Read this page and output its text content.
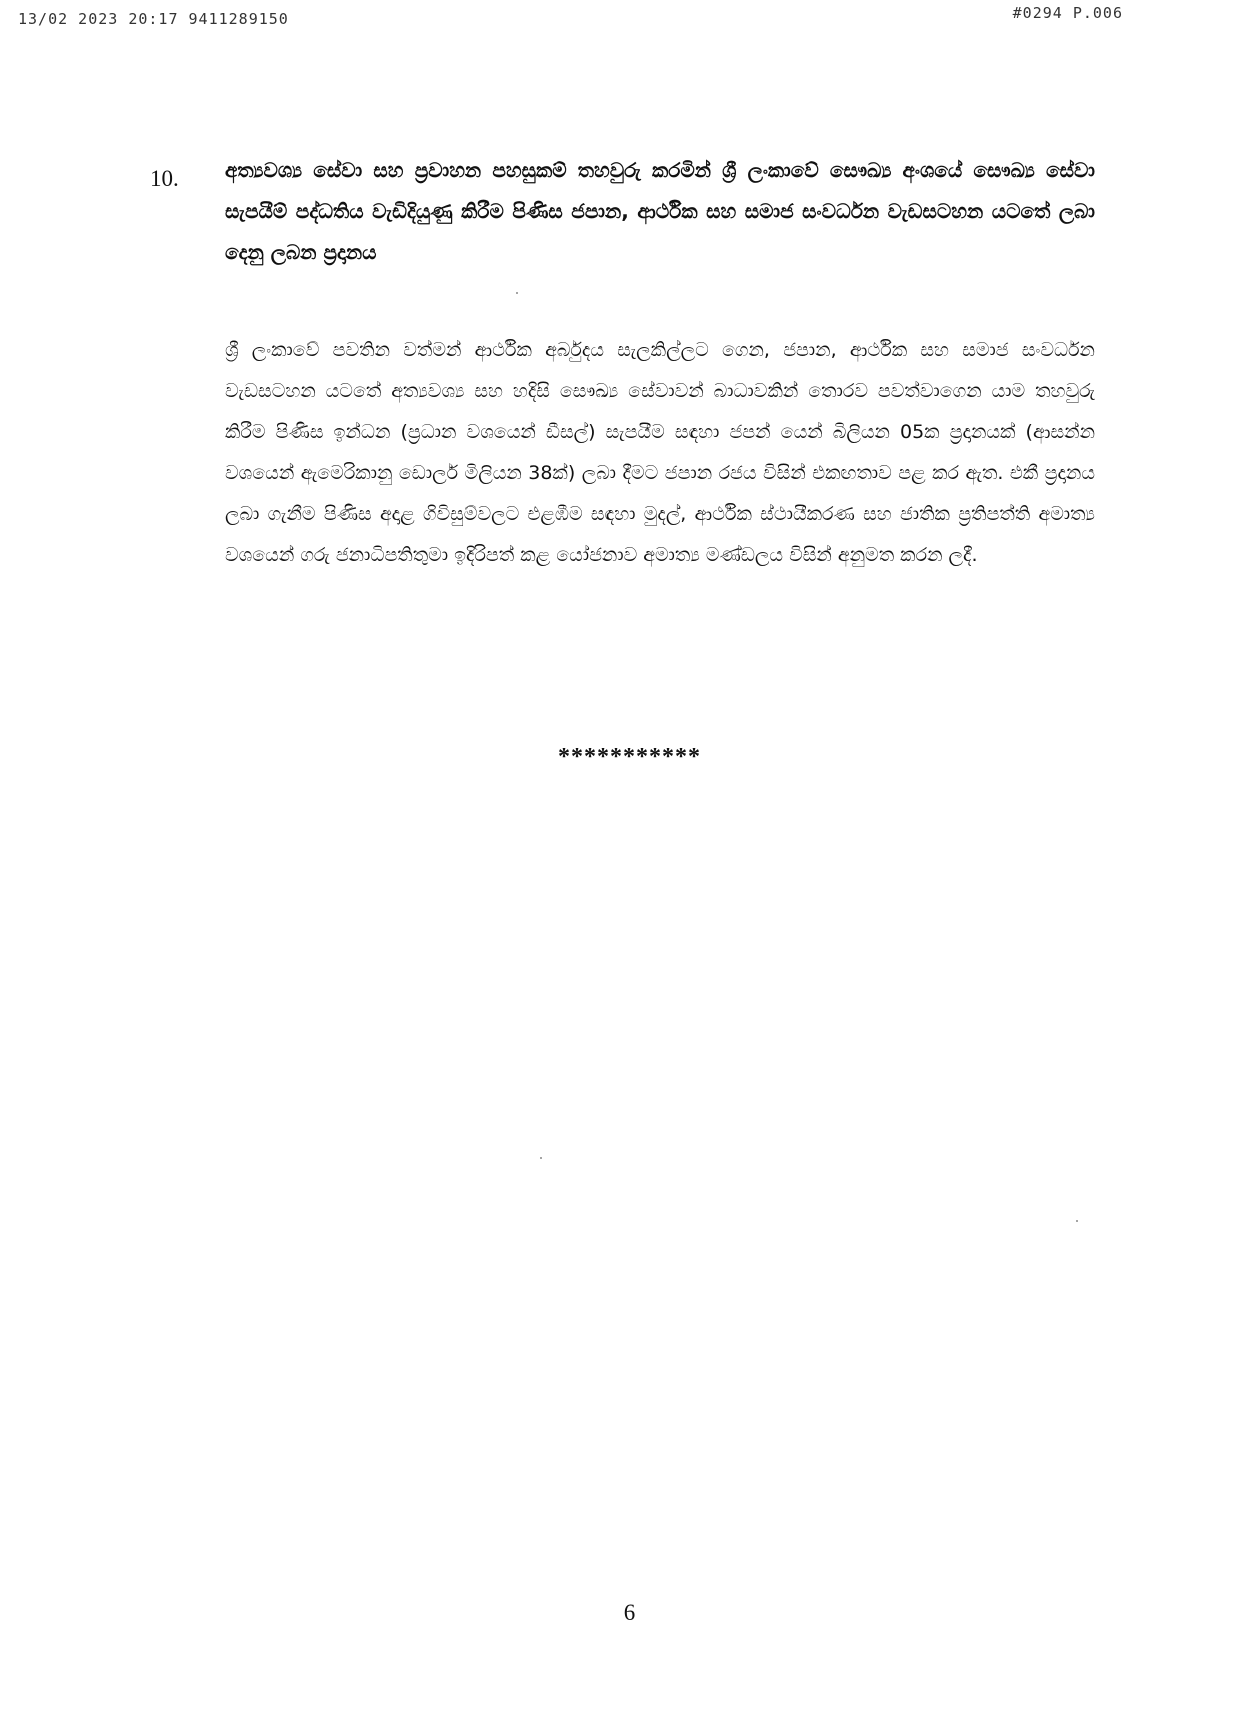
13/02 2023 20:17 9411289150	#0294 P.006
10. අත්‍යවශ්‍ය සේවා සහ ප්‍රවාහන පහසුකම් තහවුරු කරමින් ශ්‍රී ලංකාවේ සෞඛ්‍ය අංශයේ සෞඛ්‍ය සේවා සැපයීම් පද්ධතිය වැඩිදියුණු කිරීම පිණිස ජපාන, ආර්ථික සහ සමාජ සංවර්ධන වැඩසටහන යටතේ ලබා දෙනු ලබන ප්‍රදානය
ශ්‍රී ලංකාවේ පවතින වත්මන් ආර්ථික අර්බුදය සැලකිල්ලට ගෙන, ජපාන, ආර්ථික සහ සමාජ සංවර්ධන වැඩසටහන යටතේ අත්‍යවශ්‍ය සහ හදිසි සෞඛ්‍ය සේවාවන් බාධාවකින් තොරව පවත්වාගෙන යාම තහවුරු කිරීම පිණිස ඉන්ධන (ප්‍රධාන වශයෙන් ඩීසල්) සැපයීම සඳහා ජපන් යෙන් බිලියන 05ක ප්‍රදානයක් (ආසන්න වශයෙන් ඇමෙරිකානු ඩොලර් මිලියන 38ක්) ලබා දීමට ජපාන රජය විසින් එකඟතාව පළ කර ඇත. එකී ප්‍රදානය ලබා ගැනීම පිණිස අදාළ ගිවිසුම්වලට එළඹීම සඳහා මුදල්, ආර්ථික ස්ථායීකරණ සහ ජාතික ප්‍රතිපත්ති අමාත්‍ය වශයෙන් ගරු ජනාධිපතිතුමා ඉදිරිපත් කළ යෝජනාව අමාත්‍ය මණ්ඩලය විසින් අනුමත කරන ලදී.
***********
6
